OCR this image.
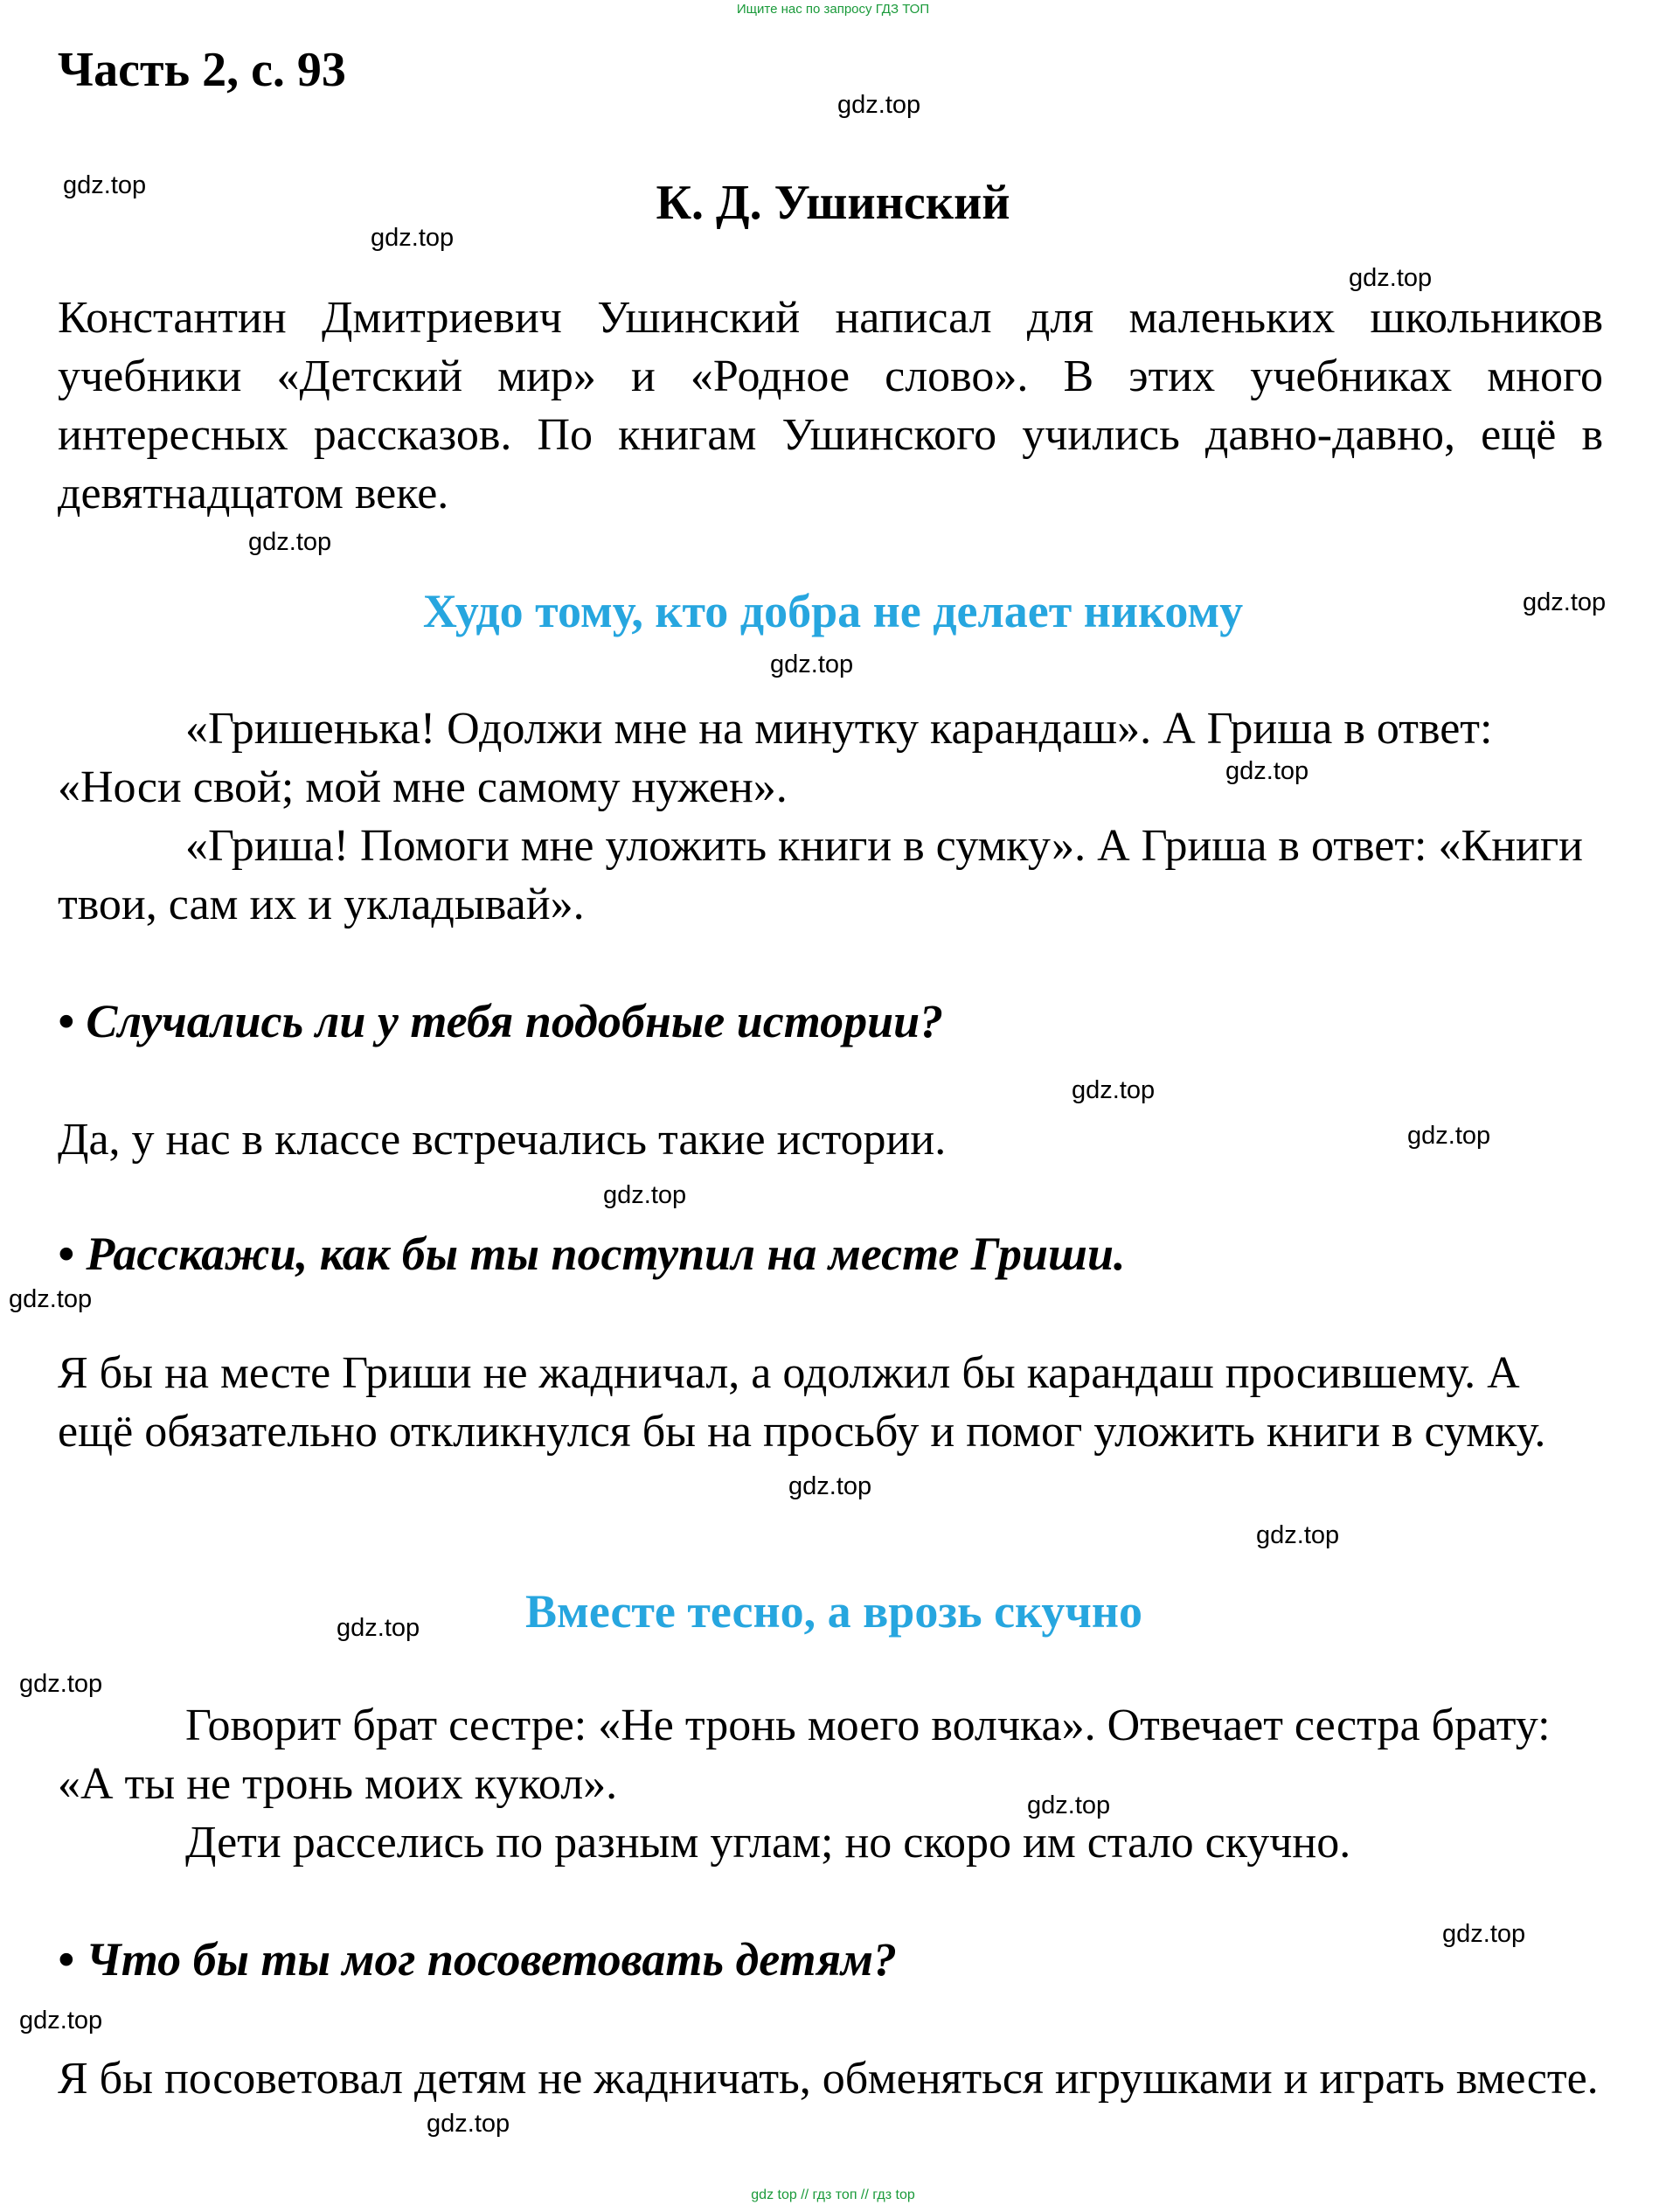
Ищите нас по запросу ГДЗ ТОП
Часть 2, с. 93
К. Д. Ушинский

Константин Дмитриевич Ушинский написал для маленьких школьников учебники «Детский мир» и «Родное слово». В этих учебниках много интересных рассказов. По книгам Ушинского учились давно-давно, ещё в девятнадцатом веке.

Худо тому, кто добра не делает никому

«Гришенька! Одолжи мне на минутку карандаш». А Гриша в ответ: «Носи свой; мой мне самому нужен».

«Гриша! Помоги мне уложить книги в сумку». А Гриша в ответ: «Книги твои, сам их и укладывай».

• Случались ли у тебя подобные истории?

Да, у нас в классе встречались такие истории.

• Расскажи, как бы ты поступил на месте Гриши.

Я бы на месте Гриши не жадничал, а одолжил бы карандаш просившему. А ещё обязательно откликнулся бы на просьбу и помог уложить книги в сумку.

Вместе тесно, а врозь скучно

Говорит брат сестре: «Не тронь моего волчка». Отвечает сестра брату: «А ты не тронь моих кукол».

Дети расселись по разным углам; но скоро им стало скучно.

• Что бы ты мог посоветовать детям?

Я бы посоветовал детям не жадничать, обменяться игрушками и играть вместе.

gdz.top
gdz.top
gdz.top
gdz.top
gdz.top
gdz.top
gdz.top
gdz.top
gdz.top
gdz.top
gdz.top
gdz.top
gdz.top
gdz.top
gdz.top
gdz.top
gdz.top
gdz.top
gdz.top
gdz.top
gdz top // гдз топ // гдз top
